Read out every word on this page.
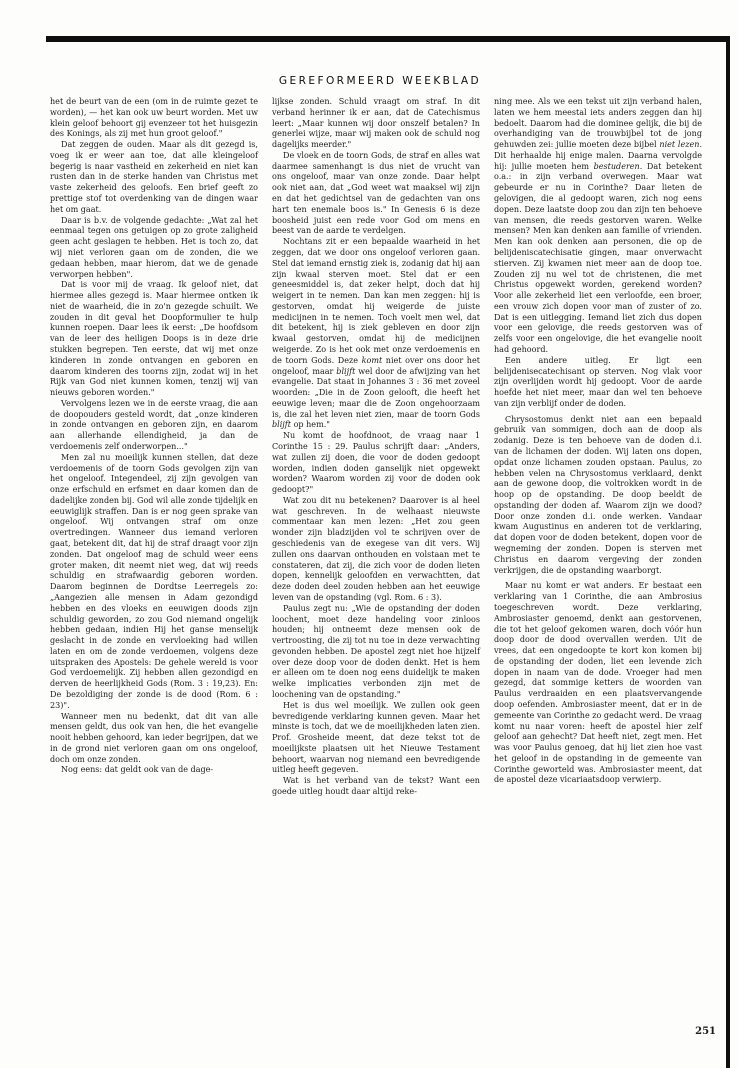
GEREFORMEERD WEEKBLAD

het de beurt van de een (om in de ruimte gezet te worden), — het kan ook uw beurt worden. Met uw klein geloof behoort gij evenzeer tot het huisgezin des Konings, als zij met hun groot geloof."

Dat zeggen de ouden. Maar als dit gezegd is, voeg ik er weer aan toe, dat alle kleingeloof begerig is naar vastheid en zekerheid en niet kan rusten dan in de sterke handen van Christus met vaste zekerheid des geloofs. Een brief geeft zo prettige stof tot overdenking van de dingen waar het om gaat.

Daar is b.v. de volgende gedachte: „Wat zal het eenmaal tegen ons getuigen op zo grote zaligheid geen acht geslagen te hebben. Het is toch zo, dat wij niet verloren gaan om de zonden, die we gedaan hebben, maar hierom, dat we de genade verworpen hebben".

Dat is voor mij de vraag. Ik geloof niet, dat hiermee alles gezegd is. Maar hiermee ontken ik niet de waarheid, die in zo'n gezegde schuilt. We zouden in dit geval het Doopformulier te hulp kunnen roepen. Daar lees ik eerst: „De hoofdsom van de leer des heiligen Doops is in deze drie stukken begrepen. Ten eerste, dat wij met onze kinderen in zonde ontvangen en geboren en daarom kinderen des toorns zijn, zodat wij in het Rijk van God niet kunnen komen, tenzij wij van nieuws geboren worden."

Vervolgens lezen we in de eerste vraag, die aan de doopouders gesteld wordt, dat „onze kinderen in zonde ontvangen en geboren zijn, en daarom aan allerhande ellendigheid, ja dan de verdoemenis zelf onderworpen..."

Men zal nu moeilijk kunnen stellen, dat deze verdoemenis of de toorn Gods gevolgen zijn van het ongeloof. Integendeel, zij zijn gevolgen van onze erfschuld en erfsmet en daar komen dan de dadelijke zonden bij. God wil alle zonde tijdelijk en eeuwiglijk straffen. Dan is er nog geen sprake van ongeloof. Wij ontvangen straf om onze overtredingen. Wanneer dus iemand verloren gaat, betekent dit, dat hij de straf draagt voor zijn zonden. Dat ongeloof mag de schuld weer eens groter maken, dit neemt niet weg, dat wij reeds schuldig en strafwaardig geboren worden. Daarom beginnen de Dordtse Leerregels zo: „Aangezien alle mensen in Adam gezondigd hebben en des vloeks en eeuwigen doods zijn schuldig geworden, zo zou God niemand ongelijk hebben gedaan, indien Hij het ganse menselijk geslacht in de zonde en vervloeking had willen laten en om de zonde verdoemen, volgens deze uitspraken des Apostels: De gehele wereld is voor God verdoemelijk. Zij hebben allen gezondigd en derven de heerlijkheid Gods (Rom. 3 : 19,23). En: De bezoldiging der zonde is de dood (Rom. 6 : 23)".

Wanneer men nu bedenkt, dat dit van alle mensen geldt, dus ook van hen, die het evangelie nooit hebben gehoord, kan ieder begrijpen, dat we in de grond niet verloren gaan om ons ongeloof, doch om onze zonden.

Nog eens: dat geldt ook van de dage-

lijkse zonden. Schuld vraagt om straf. In dit verband herinner ik er aan, dat de Catechismus leert: „Maar kunnen wij door onszelf betalen? In generlei wijze, maar wij maken ook de schuld nog dagelijks meerder."

De vloek en de toorn Gods, de straf en alles wat daarmee samenhangt is dus niet de vrucht van ons ongeloof, maar van onze zonde. Daar helpt ook niet aan, dat „God weet wat maaksel wij zijn en dat het gedichtsel van de gedachten van ons hart ten enemale boos is." In Genesis 6 is deze boosheid juist een rede voor God om mens en beest van de aarde te verdelgen.

Nochtans zit er een bepaalde waarheid in het zeggen, dat we door ons ongeloof verloren gaan. Stel dat iemand ernstig ziek is, zodanig dat hij aan zijn kwaal sterven moet. Stel dat er een geneesmiddel is, dat zeker helpt, doch dat hij weigert in te nemen. Dan kan men zeggen: hij is gestorven, omdat hij weigerde de juiste medicijnen in te nemen. Toch voelt men wel, dat dit betekent, hij is ziek gebleven en door zijn kwaal gestorven, omdat hij de medicijnen weigerde. Zo is het ook met onze verdoemenis en de toorn Gods. Deze komt niet over ons door het ongeloof, maar blijft wel door de afwijzing van het evangelie. Dat staat in Johannes 3 : 36 met zoveel woorden: „Die in de Zoon gelooft, die heeft het eeuwige leven; maar die de Zoon ongehoorzaam is, die zal het leven niet zien, maar de toorn Gods blijft op hem."

Nu komt de hoofdnoot, de vraag naar 1 Corinthe 15 : 29. Paulus schrijft daar: „Anders, wat zullen zij doen, die voor de doden gedoopt worden, indien doden ganselijk niet opgewekt worden? Waarom worden zij voor de doden ook gedoopt?"

Wat zou dit nu betekenen? Daarover is al heel wat geschreven. In de welhaast nieuwste commentaar kan men lezen: „Het zou geen wonder zijn bladzijden vol te schrijven over de geschiedenis van de exegese van dit vers. Wij zullen ons daarvan onthouden en volstaan met te constateren, dat zij, die zich voor de doden lieten dopen, kennelijk geloofden en verwachtten, dat deze doden deel zouden hebben aan het eeuwige leven van de opstanding (vgl. Rom. 6 : 3).

Paulus zegt nu: „Wie de opstanding der doden loochent, moet deze handeling voor zinloos houden; hij ontneemt deze mensen ook de vertroosting, die zij tot nu toe in deze verwachting gevonden hebben. De apostel zegt niet hoe hijzelf over deze doop voor de doden denkt. Het is hem er alleen om te doen nog eens duidelijk te maken welke implicaties verbonden zijn met de loochening van de opstanding."

Het is dus wel moeilijk. We zullen ook geen bevredigende verklaring kunnen geven. Maar het minste is toch, dat we de moeilijkheden laten zien. Prof. Grosheide meent, dat deze tekst tot de moeilijkste plaatsen uit het Nieuwe Testament behoort, waarvan nog niemand een bevredigende uitleg heeft gegeven.

Wat is het verband van de tekst? Want een goede uitleg houdt daar altijd reke-

ning mee. Als we een tekst uit zijn verband halen, laten we hem meestal iets anders zeggen dan hij bedoelt. Daarom had die dominee gelijk, die bij de overhandiging van de trouwbijbel tot de jong gehuwden zei: jullie moeten deze bijbel niet lezen. Dit herhaalde hij enige malen. Daarna vervolgde hij: jullie moeten hem bestuderen. Dat betekent o.a.: in zijn verband overwegen. Maar wat gebeurde er nu in Corinthe? Daar lieten de gelovigen, die al gedoopt waren, zich nog eens dopen. Deze laatste doop zou dan zijn ten behoeve van mensen, die reeds gestorven waren. Welke mensen? Men kan denken aan familie of vrienden. Men kan ook denken aan personen, die op de belijdeniscatechisatie gingen, maar onverwacht stierven. Zij kwamen niet meer aan de doop toe. Zouden zij nu wel tot de christenen, die met Christus opgewekt worden, gerekend worden? Voor alle zekerheid liet een verloofde, een broer, een vrouw zich dopen voor man of zuster of zo. Dat is een uitlegging. Iemand liet zich dus dopen voor een gelovige, die reeds gestorven was of zelfs voor een ongelovige, die het evangelie nooit had gehoord.

Een andere uitleg. Er ligt een belijdenisecatechisant op sterven. Nog vlak voor zijn overlijden wordt hij gedoopt. Voor de aarde hoefde het niet meer, maar dan wel ten behoeve van zijn verblijf onder de doden.

Chrysostomus denkt niet aan een bepaald gebruik van sommigen, doch aan de doop als zodanig. Deze is ten behoeve van de doden d.i. van de lichamen der doden. Wij laten ons dopen, opdat onze lichamen zouden opstaan. Paulus, zo hebben velen na Chrysostomus verklaard, denkt aan de gewone doop, die voltrokken wordt in de hoop op de opstanding. De doop beeldt de opstanding der doden af. Waarom zijn we dood? Door onze zonden d.i. onde werken. Vandaar kwam Augustinus en anderen tot de verklaring, dat dopen voor de doden betekent, dopen voor de wegneming der zonden. Dopen is sterven met Christus en daarom vergeving der zonden verkrijgen, die de opstanding waarborgt.

Maar nu komt er wat anders. Er bestaat een verklaring van 1 Corinthe, die aan Ambrosius toegeschreven wordt. Deze verklaring, Ambrosiaster genoemd, denkt aan gestorvenen, die tot het geloof gekomen waren, doch vóór hun doop door de dood overvallen werden. Uit de vrees, dat een ongedoopte te kort kon komen bij de opstanding der doden, liet een levende zich dopen in naam van de dode. Vroeger had men gezegd, dat sommige ketters de woorden van Paulus verdraaiden en een plaatsvervangende doop oefenden. Ambrosiaster meent, dat er in de gemeente van Corinthe zo gedacht werd. De vraag komt nu naar voren: heeft de apostel hier zelf geloof aan gehecht? Dat heeft niet, zegt men. Het was voor Paulus genoeg, dat hij liet zien hoe vast het geloof in de opstanding in de gemeente van Corinthe geworteld was. Ambrosiaster meent, dat de apostel deze vicariaatsdoop verwierp.

251
